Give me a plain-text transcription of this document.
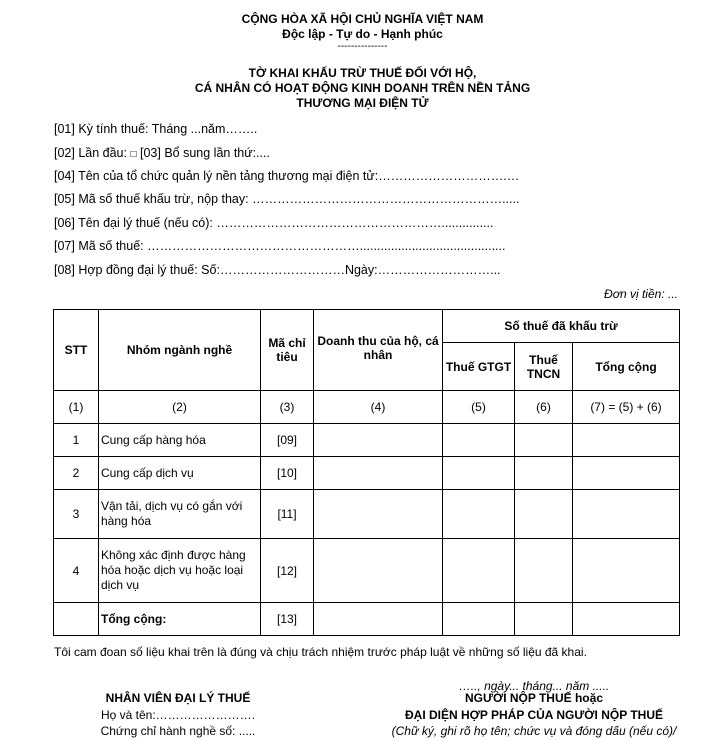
CỘNG HÒA XÃ HỘI CHỦ NGHĨA VIỆT NAM
Độc lập - Tự do - Hạnh phúc
---------------
TỜ KHAI KHẤU TRỪ THUẾ ĐỐI VỚI HỘ,
CÁ NHÂN CÓ HOẠT ĐỘNG KINH DOANH TRÊN NỀN TẢNG
THƯƠNG MẠI ĐIỆN TỬ
[01] Kỳ tính thuế: Tháng ...năm……..
[02] Lần đầu: □ [03] Bổ sung lần thứ:....
[04] Tên của tổ chức quản lý nền tảng thương mại điện tử:………………………….…
[05] Mã số thuế khấu trừ, nộp thay: …………………………………………………….....
[06] Tên đại lý thuế (nếu có): ………………………………………………...............
[07] Mã số thuế: ……………………………………………..........................................
[08] Hợp đồng đại lý thuế: Số:…………………………Ngày:………………………...
Đơn vị tiền: ...
STT	Nhóm ngành nghề	Mã chỉ tiêu	Doanh thu của hộ, cá nhân	Số thuế đã khấu trừ		
				Thuế GTGT	Thuế TNCN	Tổng cộng
(1)	(2)	(3)	(4)	(5)	(6)	(7) = (5) + (6)
1	Cung cấp hàng hóa	[09]				
2	Cung cấp dịch vụ	[10]				
3	Vận tải, dịch vụ có gắn với hàng hóa	[11]				
4	Không xác định được hàng hóa hoặc dịch vụ hoặc loại dịch vụ	[12]				
	Tổng cộng:	[13]				
Tôi cam đoan số liệu khai trên là đúng và chịu trách nhiệm trước pháp luật về những số liệu đã khai.
….., ngày... tháng... năm .....
NHÂN VIÊN ĐẠI LÝ THUẾ	NGƯỜI NỘP THUẾ hoặc
Họ và tên:…………………….	ĐẠI DIỆN HỢP PHÁP CỦA NGƯỜI NỘP THUẾ
Chứng chỉ hành nghề số: .....	(Chữ ký, ghi rõ họ tên; chức vụ và đóng dấu (nếu có)/
